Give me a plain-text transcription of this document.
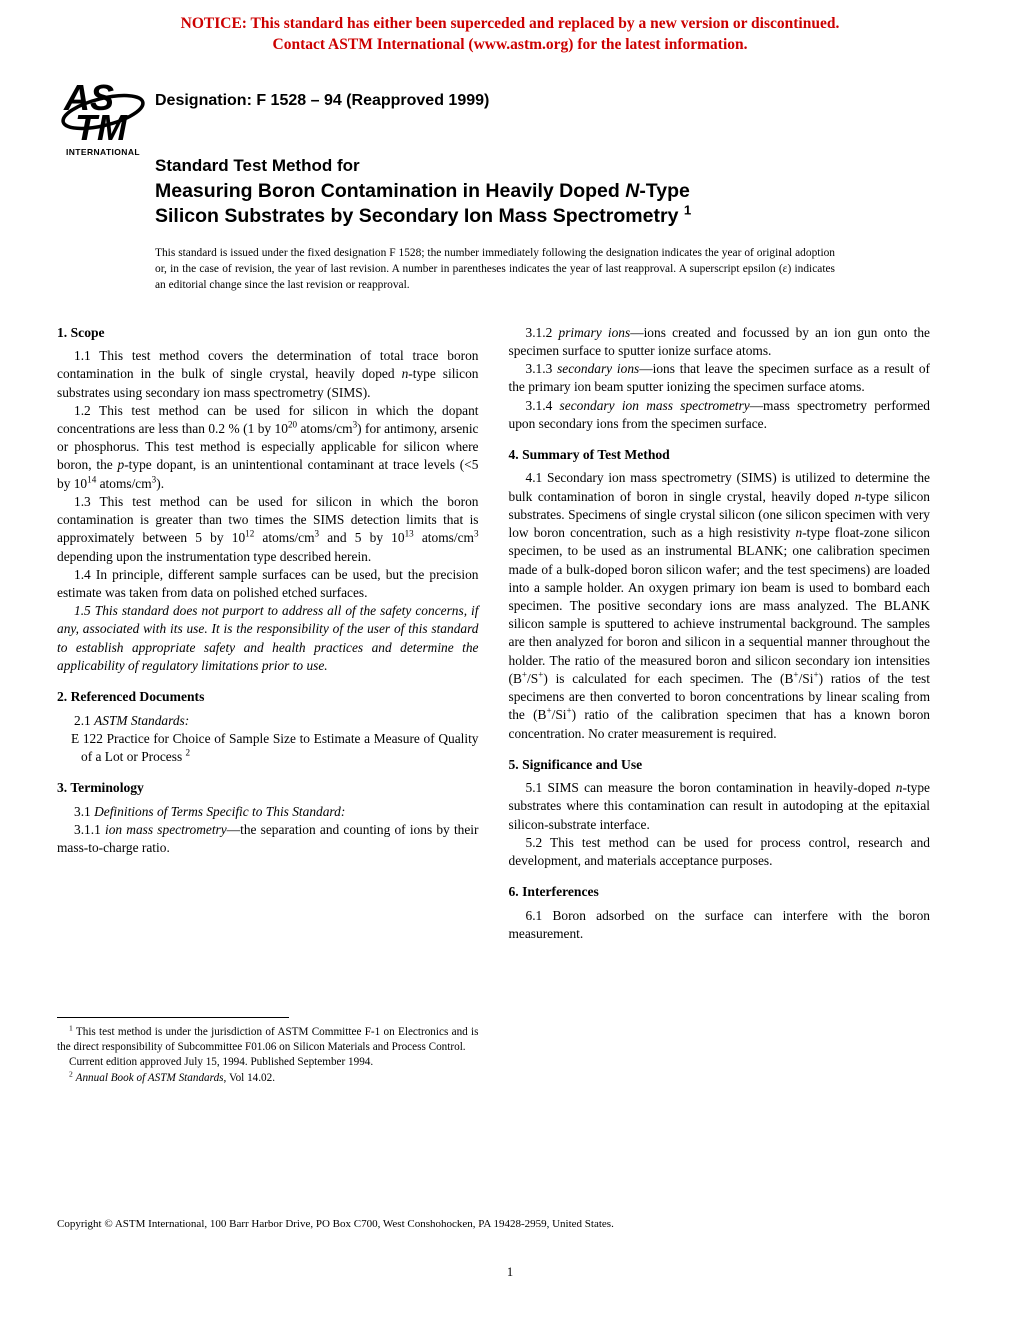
NOTICE: This standard has either been superceded and replaced by a new version or discontinued.
Contact ASTM International (www.astm.org) for the latest information.
AS
TM
INTERNATIONAL
Designation: F 1528 – 94 (Reapproved 1999)
Standard Test Method for
Measuring Boron Contamination in Heavily Doped N-Type
Silicon Substrates by Secondary Ion Mass Spectrometry $^1$
This standard is issued under the fixed designation F 1528; the number immediately following the designation indicates the year of original adoption or, in the case of revision, the year of last revision. A number in parentheses indicates the year of last reapproval. A superscript epsilon (ε) indicates an editorial change since the last revision or reapproval.
1. Scope
1.1 This test method covers the determination of total trace boron contamination in the bulk of single crystal, heavily doped n-type silicon substrates using secondary ion mass spectrometry (SIMS).
1.2 This test method can be used for silicon in which the dopant concentrations are less than 0.2 % (1 by $10^{20}$ atoms/$cm^3$) for antimony, arsenic or phosphorus. This test method is especially applicable for silicon where boron, the p-type dopant, is an unintentional contaminant at trace levels (<5 by $10^{14}$ atoms/$cm^3$).
1.3 This test method can be used for silicon in which the boron contamination is greater than two times the SIMS detection limits that is approximately between 5 by $10^{12}$ atoms/$cm^3$ and 5 by $10^{13}$ atoms/$cm^3$ depending upon the instrumentation type described herein.
1.4 In principle, different sample surfaces can be used, but the precision estimate was taken from data on polished etched surfaces.
1.5 This standard does not purport to address all of the safety concerns, if any, associated with its use. It is the responsibility of the user of this standard to establish appropriate safety and health practices and determine the applicability of regulatory limitations prior to use.
2. Referenced Documents
2.1 ASTM Standards:
E 122 Practice for Choice of Sample Size to Estimate a Measure of Quality of a Lot or Process $^2$
3. Terminology
3.1 Definitions of Terms Specific to This Standard:
3.1.1 ion mass spectrometry—the separation and counting of ions by their mass-to-charge ratio.
$^1$ This test method is under the jurisdiction of ASTM Committee F-1 on Electronics and is the direct responsibility of Subcommittee F01.06 on Silicon Materials and Process Control.
Current edition approved July 15, 1994. Published September 1994.
$^2$ Annual Book of ASTM Standards, Vol 14.02.
3.1.2 primary ions—ions created and focussed by an ion gun onto the specimen surface to sputter ionize surface atoms.
3.1.3 secondary ions—ions that leave the specimen surface as a result of the primary ion beam sputter ionizing the specimen surface atoms.
3.1.4 secondary ion mass spectrometry—mass spectrometry performed upon secondary ions from the specimen surface.
4. Summary of Test Method
4.1 Secondary ion mass spectrometry (SIMS) is utilized to determine the bulk contamination of boron in single crystal, heavily doped n-type silicon substrates. Specimens of single crystal silicon (one silicon specimen with very low boron concentration, such as a high resistivity n-type float-zone silicon specimen, to be used as an instrumental BLANK; one calibration specimen made of a bulk-doped boron silicon wafer; and the test specimens) are loaded into a sample holder. An oxygen primary ion beam is used to bombard each specimen. The positive secondary ions are mass analyzed. The BLANK silicon sample is sputtered to achieve instrumental background. The samples are then analyzed for boron and silicon in a sequential manner throughout the holder. The ratio of the measured boron and silicon secondary ion intensities (B+/S+) is calculated for each specimen. The (B+/Si+) ratios of the test specimens are then converted to boron concentrations by linear scaling from the (B+/Si+) ratio of the calibration specimen that has a known boron concentration. No crater measurement is required.
5. Significance and Use
5.1 SIMS can measure the boron contamination in heavily-doped n-type substrates where this contamination can result in autodoping at the epitaxial silicon-substrate interface.
5.2 This test method can be used for process control, research and development, and materials acceptance purposes.
6. Interferences
6.1 Boron adsorbed on the surface can interfere with the boron measurement.
Copyright © ASTM International, 100 Barr Harbor Drive, PO Box C700, West Conshohocken, PA 19428-2959, United States.
1
